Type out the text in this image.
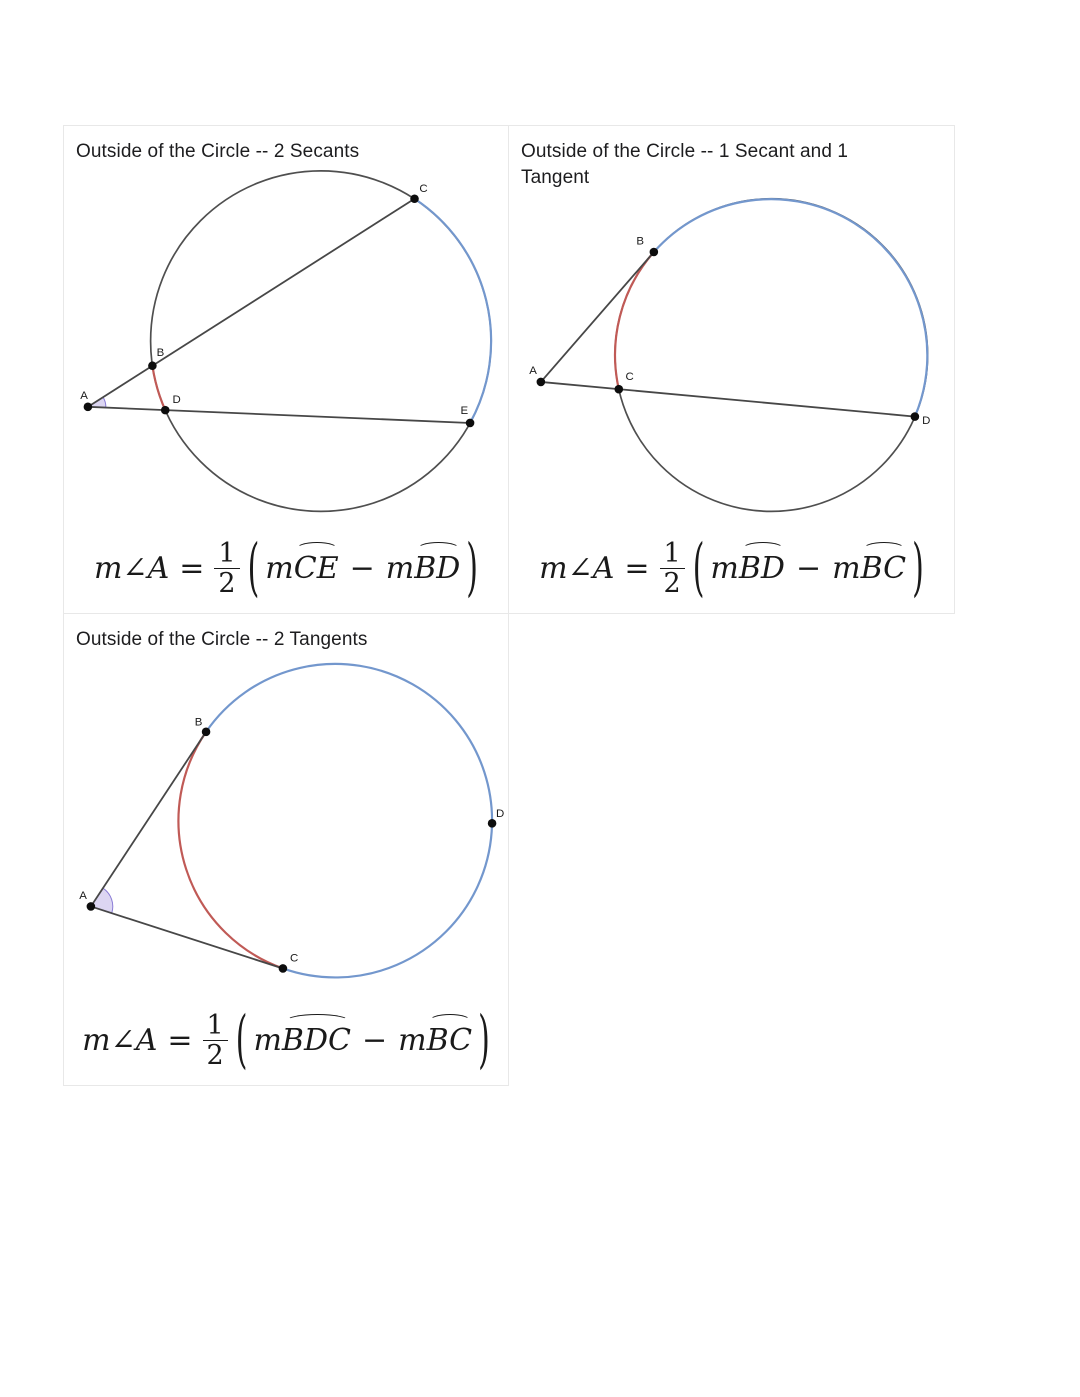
Outside of the Circle -- 2 Secants
A
B
C
D
E
m∠A = $\frac{1}{2}$ ( m CE − m BD )
Outside of the Circle -- 1 Secant and 1 Tangent
A
B
C
D
m∠A = $\frac{1}{2}$ ( m BD − m BC )
Outside of the Circle -- 2 Tangents
A
B
C
D
m∠A = $\frac{1}{2}$ ( m BDC − m BC )
